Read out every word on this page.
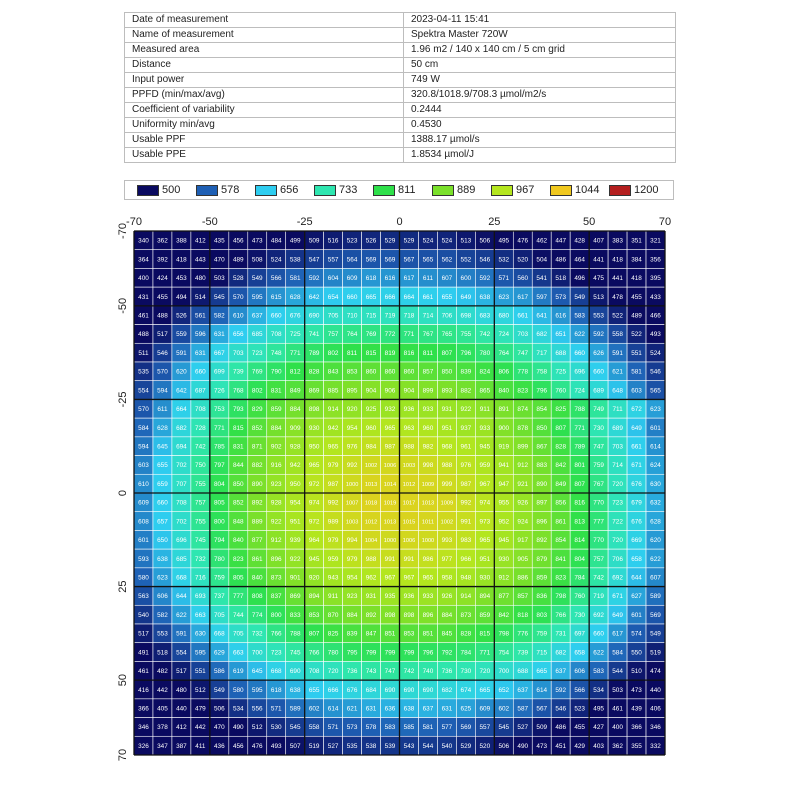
Date of measurement	2023-04-11 15:41
Name of measurement	Spektra Master 720W
Measured area	1.96 m2 / 140 x 140 cm / 5 cm grid
Distance	50 cm
Input power	749 W
PPFD (min/max/avg)	320.8/1018.9/708.3 µmol/m2/s
Coefficient of variability	0.2444
Uniformity min/avg	0.4530
Usable PPF	1388.17 µmol/s
Usable PPE	1.8534 µmol/J
500	578	656	733	811	889	967	1044	1200
340 362 388 412 435 456 473 484 499 509 516 523 526 529 529 524 524 513 506 495 476 462 447 428 407 383 351 321
364 392 418 443 470 489 508 524 538 547 557 564 569 569 567 565 562 552 546 532 520 504 486 464 441 418 384 356
400 424 453 480 503 528 549 566 581 592 604 609 618 616 617 611 607 600 592 571 560 541 518 496 475 441 418 395
431 455 494 514 545 570 595 615 628 642 654 660 665 666 664 661 655 649 638 623 617 597 573 549 513 478 455 433
461 488 526 561 582 610 637 660 676 690 705 710 715 719 718 714 706 698 683 680 661 641 616 583 553 522 489 466
488 517 559 596 631 656 685 708 725 741 757 764 769 772 771 767 765 755 742 724 703 682 651 622 592 558 522 493
511 546 591 631 667 703 723 748 771 789 802 811 815 819 816 811 807 796 780 764 747 717 688 660 626 591 551 524
535 570 620 660 699 739 769 790 812 828 843 853 860 860 860 857 850 839 824 806 778 758 725 696 660 621 581 546
554 594 642 687 726 768 802 831 849 869 885 895 904 906 904 899 893 882 865 840 823 796 760 724 689 648 603 565
570 611 664 708 753 793 829 859 884 898 914 920 925 932 936 933 931 922 911 891 874 854 825 788 749 711 672 623
584 628 682 728 771 815 852 884 909 930 942 954 960 965 963 960 951 937 933 900 878 850 807 771 730 689 649 601
594 645 694 742 785 831 871 902 928 950 965 976 984 987 988 982 968 961 945 919 899 867 828 789 747 703 661 614
603 655 702 750 797 844 882 916 942 965 979 992 1002 1006 1003 998 988 976 959 941 912 883 842 801 759 714 671 624
610 659 707 755 804 850 890 923 950 972 987 1000 1013 1014 1012 1009 999 987 967 947 921 890 849 807 767 720 676 630
609 660 708 757 805 852 892 928 954 974 992 1007 1018 1019 1017 1013 1009 992 974 955 926 897 856 816 770 723 679 632
608 657 702 755 800 848 889 922 951 972 989 1003 1012 1013 1015 1011 1002 991 973 952 924 896 861 813 777 722 676 628
601 650 696 745 794 840 877 912 939 964 979 994 1004 1000 1006 1000 993 983 965 945 917 892 854 814 770 720 669 620
593 638 685 732 780 823 861 896 922 945 959 979 988 991 991 986 977 966 951 930 905 879 841 804 757 706 658 622
580 623 668 716 759 805 840 873 901 920 943 954 962 967 967 965 958 948 930 912 886 859 823 784 742 692 644 607
563 606 644 693 737 777 808 837 869 894 911 923 931 935 936 933 926 914 894 877 857 836 798 760 719 671 627 589
540 582 622 663 705 744 774 800 833 853 870 884 892 898 898 896 884 873 859 842 818 803 766 730 692 649 601 569
517 553 591 630 668 705 732 766 788 807 825 839 847 851 853 851 845 828 815 798 776 759 731 697 660 617 574 549
491 518 554 595 629 663 700 723 745 766 780 795 799 799 799 796 792 784 771 754 739 715 682 658 622 584 550 519
461 482 517 551 586 619 645 668 690 708 720 736 743 747 742 740 736 730 720 700 688 665 637 606 583 544 510 474
416 442 480 512 549 580 595 618 638 655 666 676 684 690 690 690 682 674 665 652 637 614 592 566 534 503 473 440
366 405 440 479 506 534 556 571 589 602 614 621 631 636 638 637 631 625 609 602 587 567 546 523 495 461 439 406
346 378 412 442 470 490 512 530 545 558 571 573 578 583 585 581 577 569 557 545 527 509 486 455 427 400 366 346
326 347 387 411 436 456 476 493 507 519 527 535 538 539 543 544 540 529 520 506 490 473 451 429 403 362 355 332
-70	-50	-25	0	25	50	70
-70
-50
-25
0
25
50
70
